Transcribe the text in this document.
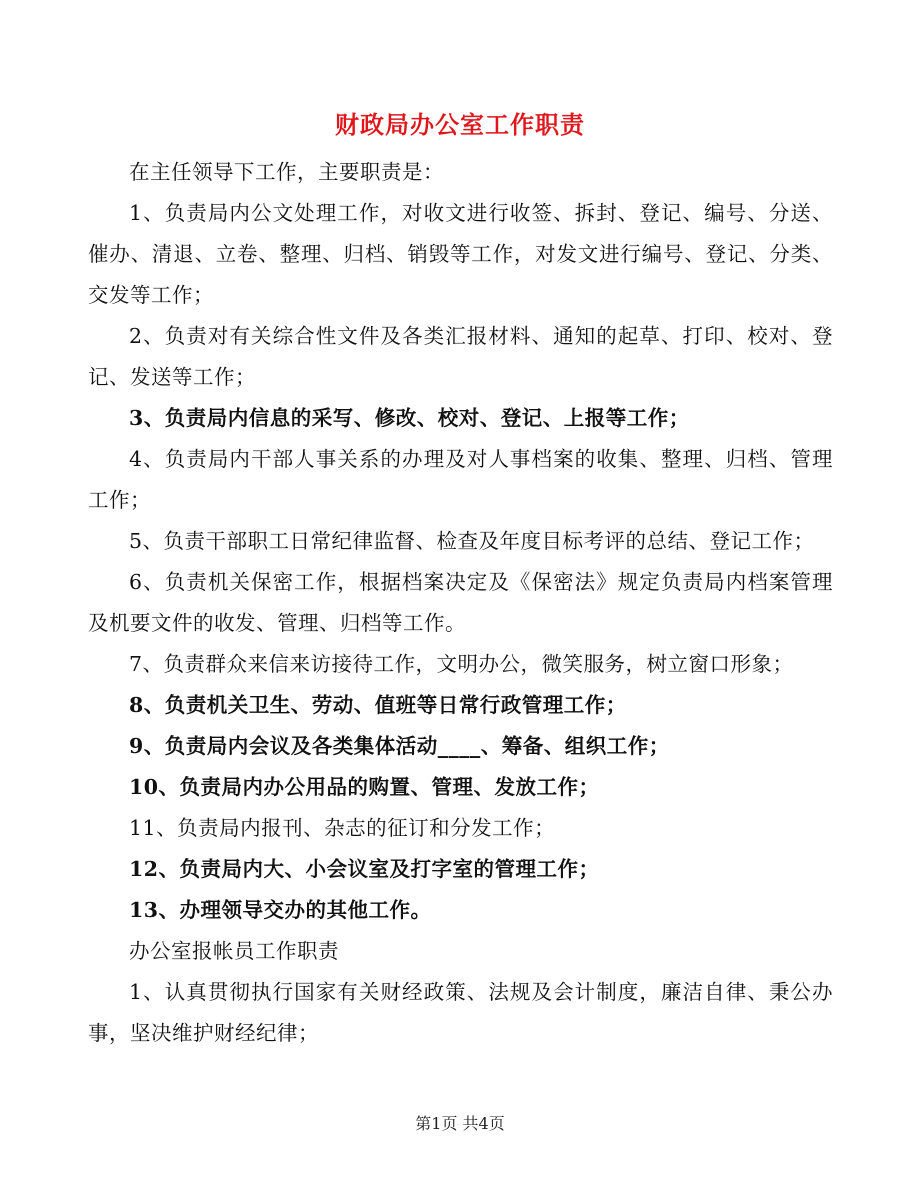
财政局办公室工作职责

在主任领导下工作，主要职责是：

1、负责局内公文处理工作，对收文进行收签、拆封、登记、编号、分送、催办、清退、立卷、整理、归档、销毁等工作，对发文进行编号、登记、分类、交发等工作；

2、负责对有关综合性文件及各类汇报材料、通知的起草、打印、校对、登记、发送等工作；

3、负责局内信息的采写、修改、校对、登记、上报等工作；

4、负责局内干部人事关系的办理及对人事档案的收集、整理、归档、管理工作；

5、负责干部职工日常纪律监督、检查及年度目标考评的总结、登记工作；

6、负责机关保密工作，根据档案决定及《保密法》规定负责局内档案管理及机要文件的收发、管理、归档等工作。

7、负责群众来信来访接待工作，文明办公，微笑服务，树立窗口形象；

8、负责机关卫生、劳动、值班等日常行政管理工作；

9、负责局内会议及各类集体活动____、筹备、组织工作；

10、负责局内办公用品的购置、管理、发放工作；

11、负责局内报刊、杂志的征订和分发工作；

12、负责局内大、小会议室及打字室的管理工作；

13、办理领导交办的其他工作。

办公室报帐员工作职责

1、认真贯彻执行国家有关财经政策、法规及会计制度，廉洁自律、秉公办事，坚决维护财经纪律；

第1页 共4页
